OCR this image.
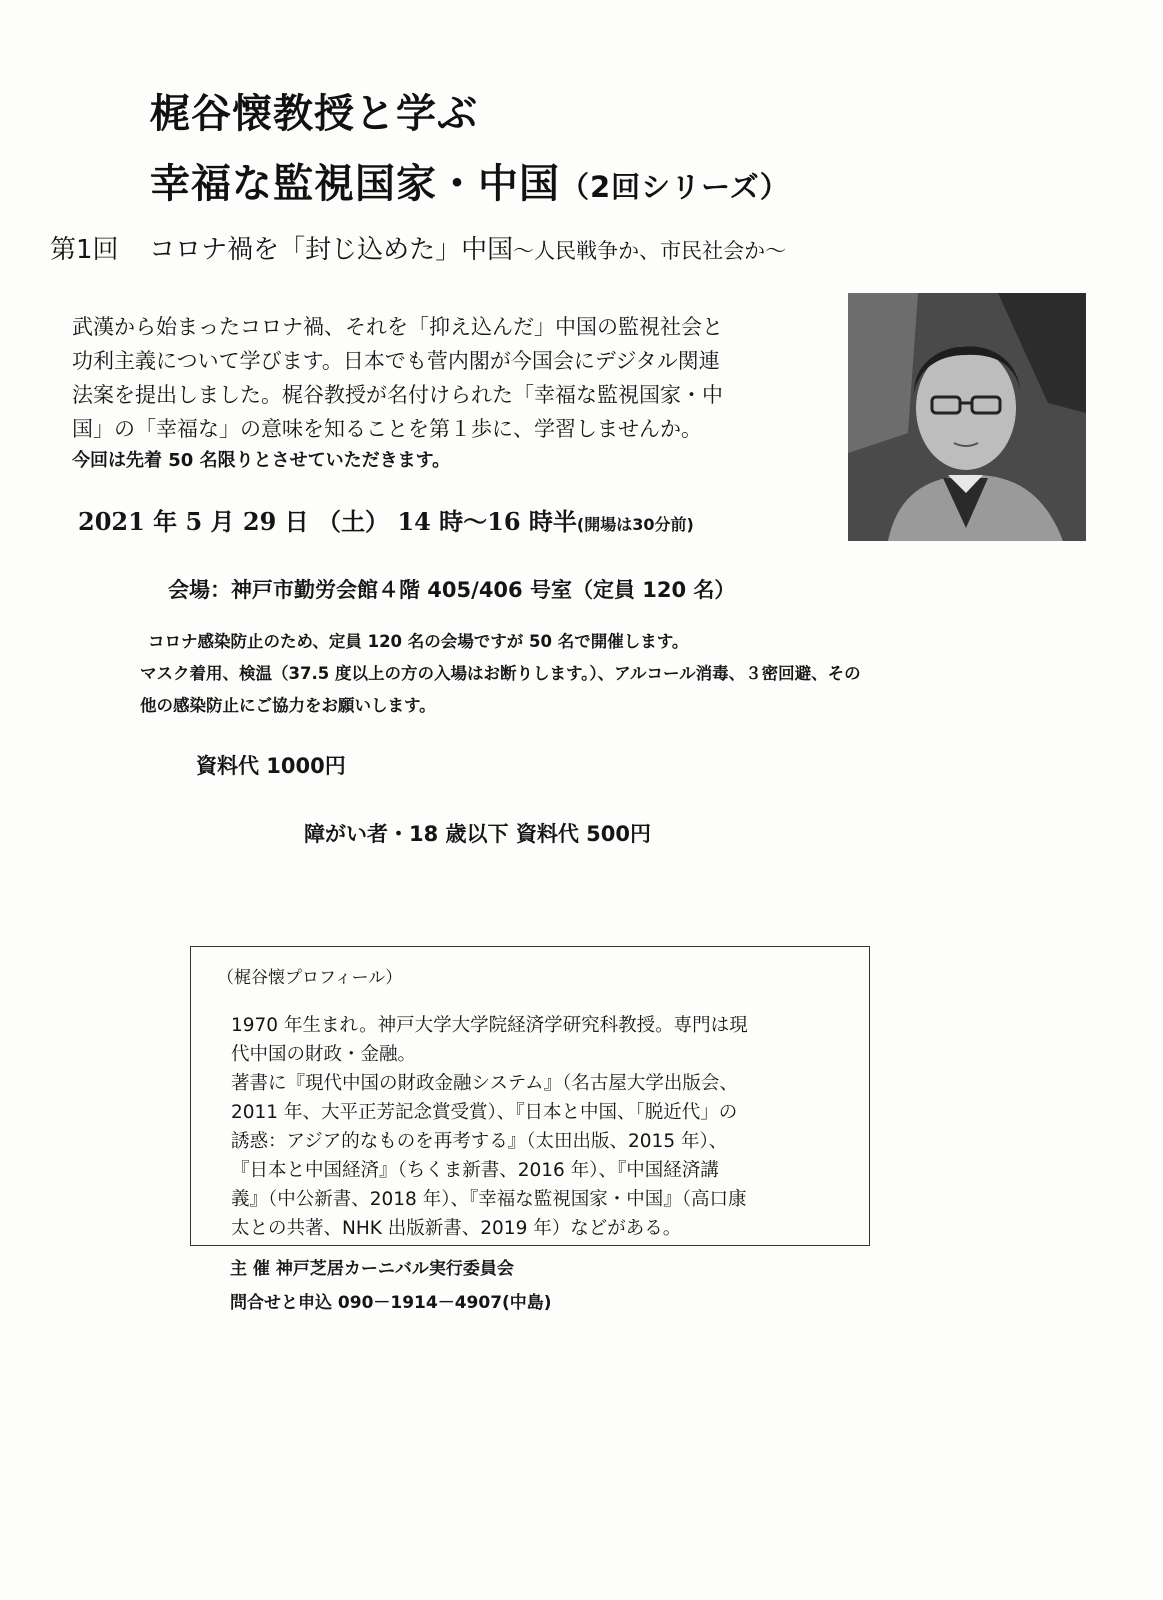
梶谷懐教授と学ぶ
幸福な監視国家・中国（2回シリーズ）
第1回 コロナ禍を「封じ込めた」中国～人民戦争か、市民社会か～

武漢から始まったコロナ禍、それを「抑え込んだ」中国の監視社会と

功利主義について学びます。日本でも菅内閣が今国会にデジタル関連

法案を提出しました。梶谷教授が名付けられた「幸福な監視国家・中

国」の「幸福な」の意味を知ることを第１歩に、学習しませんか。

今回は先着 50 名限りとさせていただきます。

2021 年 5 月 29 日 （土） 14 時～16 時半(開場は30分前)
会場：神戸市勤労会館４階 405/406 号室（定員 120 名）

コロナ感染防止のため、定員 120 名の会場ですが 50 名で開催します。

マスク着用、検温（37.5 度以上の方の入場はお断りします。）、アルコール消毒、３密回避、その

他の感染防止にご協力をお願いします。

資料代 1000円
障がい者・18 歳以下 資料代 500円
（梶谷懐プロフィール）

1970 年生まれ。神戸大学大学院経済学研究科教授。専門は現

代中国の財政・金融。

著書に『現代中国の財政金融システム』（名古屋大学出版会、

2011 年、大平正芳記念賞受賞）、『日本と中国、「脱近代」の

誘惑：アジア的なものを再考する』（太田出版、2015 年）、

『日本と中国経済』（ちくま新書、2016 年）、『中国経済講

義』（中公新書、2018 年）、『幸福な監視国家・中国』（高口康

太との共著、NHK 出版新書、2019 年）などがある。

主 催 神戸芝居カーニバル実行委員会
問合せと申込 090－1914－4907(中島)
